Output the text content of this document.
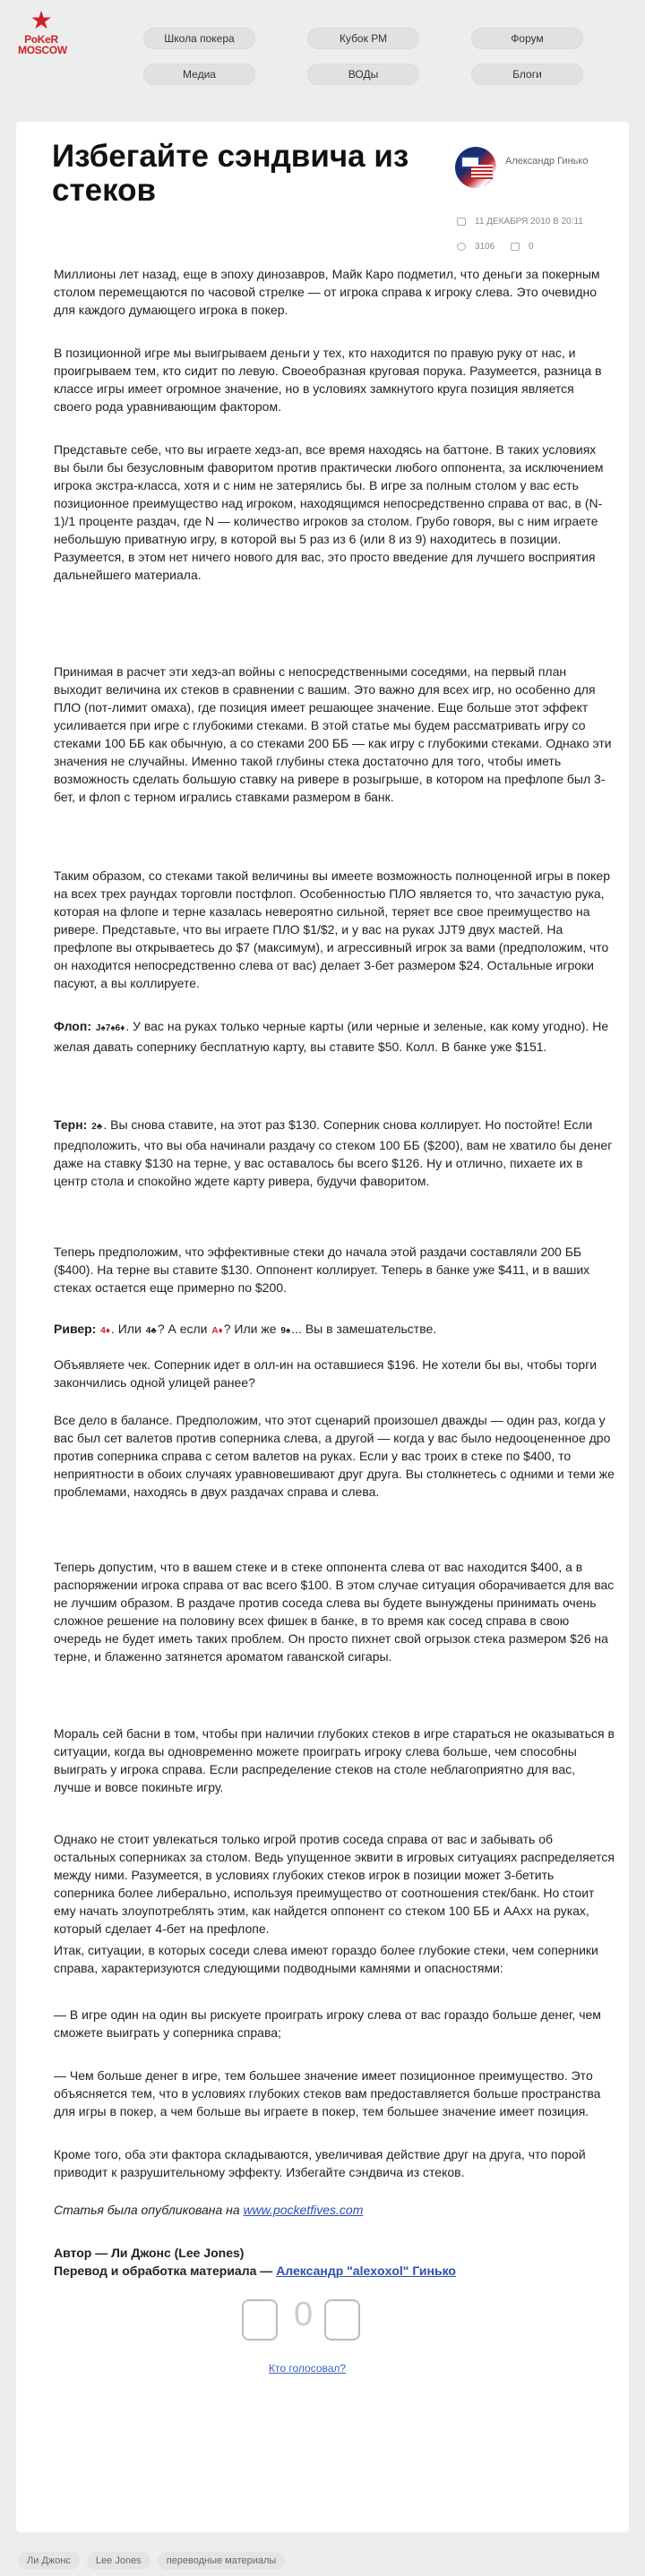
★
PoKeR
MOSCOW
Школа покера	Кубок РМ	Форум
Медиа	ВОДы	Блоги
Избегайте сэндвича из стеков
Александр Гинько
11 ДЕКАБРЯ 2010 В 20:11
3106	0
Миллионы лет назад, еще в эпоху динозавров, Майк Каро подметил, что деньги за покерным столом перемещаются по часовой стрелке — от игрока справа к игроку слева. Это очевидно для каждого думающего игрока в покер.
В позиционной игре мы выигрываем деньги у тех, кто находится по правую руку от нас, и проигрываем тем, кто сидит по левую. Своеобразная круговая порука. Разумеется, разница в классе игры имеет огромное значение, но в условиях замкнутого круга позиция является своего рода уравнивающим фактором.
Представьте себе, что вы играете хедз-ап, все время находясь на баттоне. В таких условиях вы были бы безусловным фаворитом против практически любого оппонента, за исключением игрока экстра-класса, хотя и с ним не затерялись бы. В игре за полным столом у вас есть позиционное преимущество над игроком, находящимся непосредственно справа от вас, в (N-1)/1 проценте раздач, где N — количество игроков за столом. Грубо говоря, вы с ним играете небольшую приватную игру, в которой вы 5 раз из 6 (или 8 из 9) находитесь в позиции. Разумеется, в этом нет ничего нового для вас, это просто введение для лучшего восприятия дальнейшего материала.
Принимая в расчет эти хедз-ап войны с непосредственными соседями, на первый план выходит величина их стеков в сравнении с вашим. Это важно для всех игр, но особенно для ПЛО (пот-лимит омаха), где позиция имеет решающее значение. Еще больше этот эффект усиливается при игре с глубокими стеками. В этой статье мы будем рассматривать игру со стеками 100 ББ как обычную, а со стеками 200 ББ — как игру с глубокими стеками. Однако эти значения не случайны. Именно такой глубины стека достаточно для того, чтобы иметь возможность сделать большую ставку на ривере в розыгрыше, в котором на префлопе был 3-бет, и флоп с терном игрались ставками размером в банк.
Таким образом, со стеками такой величины вы имеете возможность полноценной игры в покер на всех трех раундах торговли постфлоп. Особенностью ПЛО является то, что зачастую рука, которая на флопе и терне казалась невероятно сильной, теряет все свое преимущество на ривере. Представьте, что вы играете ПЛО $1/$2, и у вас на руках JJT9 двух мастей. На префлопе вы открываетесь до $7 (максимум), и агрессивный игрок за вами (предположим, что он находится непосредственно слева от вас) делает 3-бет размером $24. Остальные игроки пасуют, а вы коллируете.
Флоп: J♠7♠6♦. У вас на руках только черные карты (или черные и зеленые, как кому угодно). Не желая давать сопернику бесплатную карту, вы ставите $50. Колл. В банке уже $151.
Терн: 2♣. Вы снова ставите, на этот раз $130. Соперник снова коллирует. Но постойте! Если предположить, что вы оба начинали раздачу со стеком 100 ББ ($200), вам не хватило бы денег даже на ставку $130 на терне, у вас оставалось бы всего $126. Ну и отлично, пихаете их в центр стола и спокойно ждете карту ривера, будучи фаворитом.
Теперь предположим, что эффективные стеки до начала этой раздачи составляли 200 ББ ($400). На терне вы ставите $130. Оппонент коллирует. Теперь в банке уже $411, и в ваших стеках остается еще примерно по $200.
Ривер: 4♦. Или 4♣? А если A♦? Или же 9♠... Вы в замешательстве.
Объявляете чек. Соперник идет в олл-ин на оставшиеся $196. Не хотели бы вы, чтобы торги закончились одной улицей ранее?
Все дело в балансе. Предположим, что этот сценарий произошел дважды — один раз, когда у вас был сет валетов против соперника слева, а другой — когда у вас было недооцененное дро против соперника справа с сетом валетов на руках. Если у вас троих в стеке по $400, то неприятности в обоих случаях уравновешивают друг друга. Вы столкнетесь с одними и теми же проблемами, находясь в двух раздачах справа и слева.
Теперь допустим, что в вашем стеке и в стеке оппонента слева от вас находится $400, а в распоряжении игрока справа от вас всего $100. В этом случае ситуация оборачивается для вас не лучшим образом. В раздаче против соседа слева вы будете вынуждены принимать очень сложное решение на половину всех фишек в банке, в то время как сосед справа в свою очередь не будет иметь таких проблем. Он просто пихнет свой огрызок стека размером $26 на терне, и блаженно затянется ароматом гаванской сигары.
Мораль сей басни в том, чтобы при наличии глубоких стеков в игре стараться не оказываться в ситуации, когда вы одновременно можете проиграть игроку слева больше, чем способны выиграть у игрока справа. Если распределение стеков на столе неблагоприятно для вас, лучше и вовсе покиньте игру.
Однако не стоит увлекаться только игрой против соседа справа от вас и забывать об остальных соперниках за столом. Ведь упущенное эквити в игровых ситуациях распределяется между ними. Разумеется, в условиях глубоких стеков игрок в позиции может 3-бетить соперника более либерально, используя преимущество от соотношения стек/банк. Но стоит ему начать злоупотреблять этим, как найдется оппонент со стеком 100 ББ и AAxx на руках, который сделает 4-бет на префлопе.
Итак, ситуации, в которых соседи слева имеют гораздо более глубокие стеки, чем соперники справа, характеризуются следующими подводными камнями и опасностями:
— В игре один на один вы рискуете проиграть игроку слева от вас гораздо больше денег, чем сможете выиграть у соперника справа;
— Чем больше денег в игре, тем большее значение имеет позиционное преимущество. Это объясняется тем, что в условиях глубоких стеков вам предоставляется больше пространства для игры в покер, а чем больше вы играете в покер, тем большее значение имеет позиция.
Кроме того, оба эти фактора складываются, увеличивая действие друг на друга, что порой приводит к разрушительному эффекту. Избегайте сэндвича из стеков.
Статья была опубликована на www.pocketfives.com
Автор — Ли Джонс (Lee Jones)
Перевод и обработка материала — Александр "alexoxol" Гинько
0
Кто голосовал?
Ли Джонс	Lee Jones	переводные материалы
